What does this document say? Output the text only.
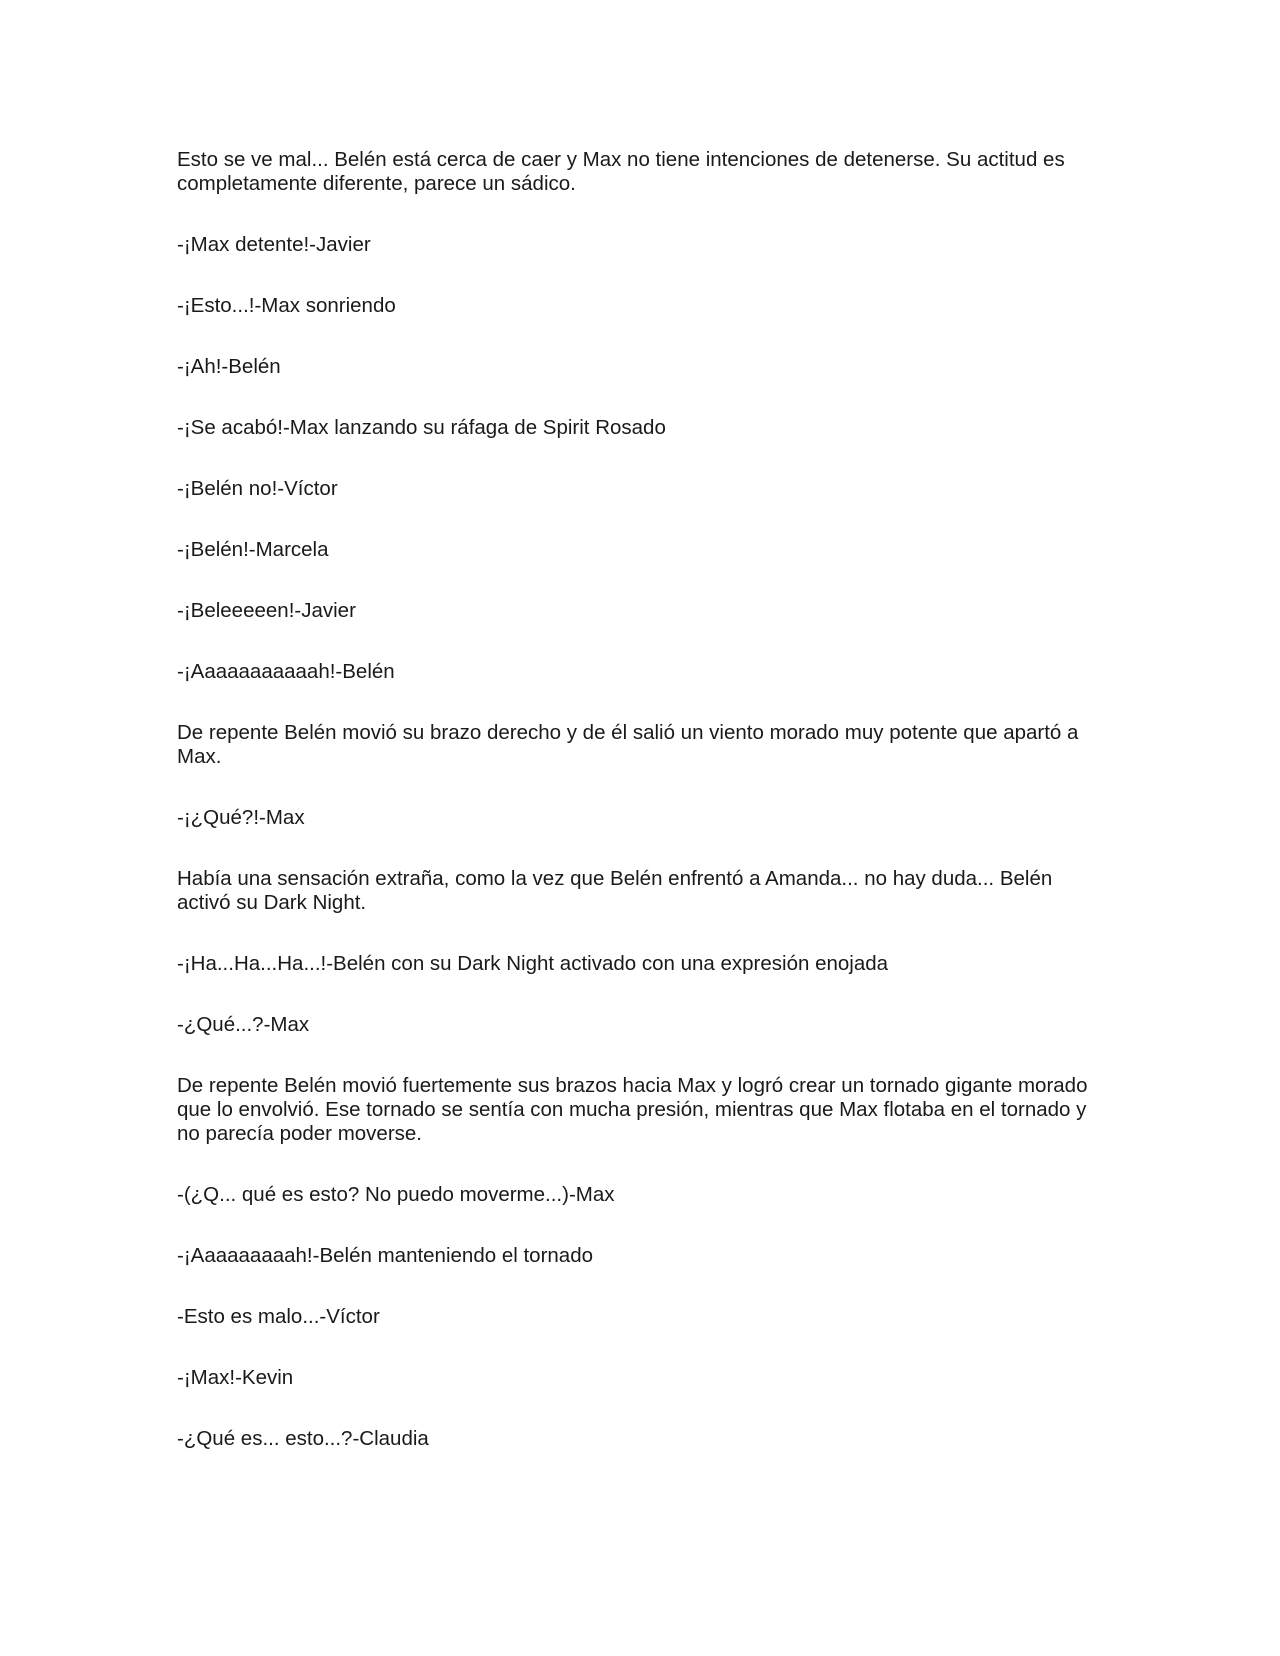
Esto se ve mal... Belén está cerca de caer y Max no tiene intenciones de detenerse. Su actitud es completamente diferente, parece un sádico.

-¡Max detente!-Javier

-¡Esto...!-Max sonriendo

-¡Ah!-Belén

-¡Se acabó!-Max lanzando su ráfaga de Spirit Rosado

-¡Belén no!-Víctor

-¡Belén!-Marcela

-¡Beleeeeen!-Javier

-¡Aaaaaaaaaaah!-Belén

De repente Belén movió su brazo derecho y de él salió un viento morado muy potente que apartó a Max.

-¡¿Qué?!-Max

Había una sensación extraña, como la vez que Belén enfrentó a Amanda... no hay duda... Belén activó su Dark Night.

-¡Ha...Ha...Ha...!-Belén con su Dark Night activado con una expresión enojada

-¿Qué...?-Max

De repente Belén movió fuertemente sus brazos hacia Max y logró crear un tornado gigante morado que lo envolvió. Ese tornado se sentía con mucha presión, mientras que Max flotaba en el tornado y no parecía poder moverse.

-(¿Q... qué es esto? No puedo moverme...)-Max

-¡Aaaaaaaaah!-Belén manteniendo el tornado

-Esto es malo...-Víctor

-¡Max!-Kevin

-¿Qué es... esto...?-Claudia
